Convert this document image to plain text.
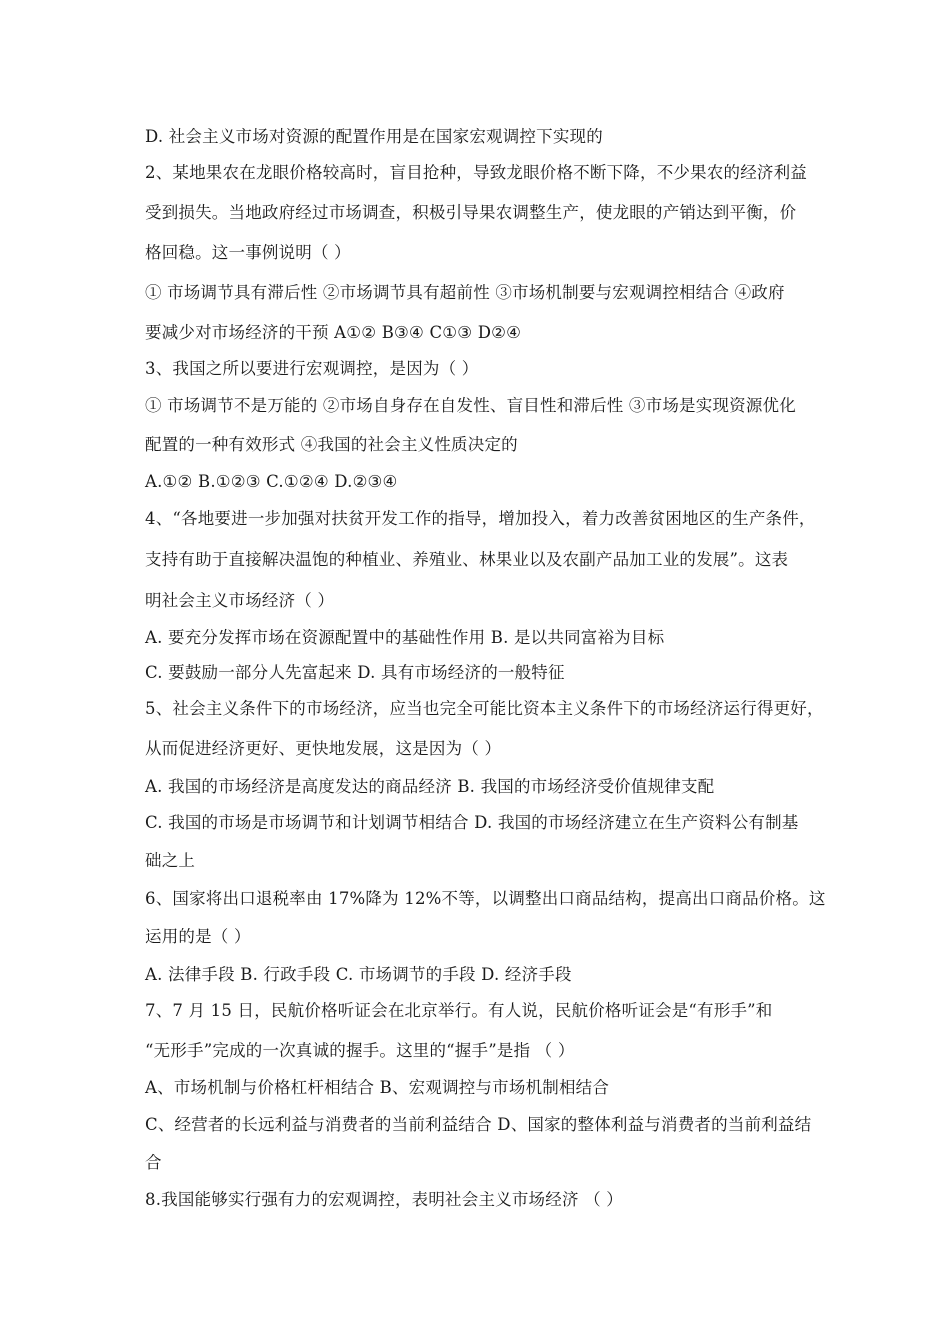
D. 社会主义市场对资源的配置作用是在国家宏观调控下实现的
2、某地果农在龙眼价格较高时，盲目抢种，导致龙眼价格不断下降，不少果农的经济利益
受到损失。当地政府经过市场调查，积极引导果农调整生产，使龙眼的产销达到平衡，价
格回稳。这一事例说明（ ）
① 市场调节具有滞后性 ②市场调节具有超前性 ③市场机制要与宏观调控相结合 ④政府
要减少对市场经济的干预 A①② B③④ C①③ D②④
3、我国之所以要进行宏观调控，是因为（ ）
① 市场调节不是万能的 ②市场自身存在自发性、盲目性和滞后性 ③市场是实现资源优化
配置的一种有效形式 ④我国的社会主义性质决定的
A.①② B.①②③ C.①②④ D.②③④
4、“各地要进一步加强对扶贫开发工作的指导，增加投入，着力改善贫困地区的生产条件，
支持有助于直接解决温饱的种植业、养殖业、林果业以及农副产品加工业的发展”。这表
明社会主义市场经济（ ）
A. 要充分发挥市场在资源配置中的基础性作用 B. 是以共同富裕为目标
C. 要鼓励一部分人先富起来 D. 具有市场经济的一般特征
5、社会主义条件下的市场经济，应当也完全可能比资本主义条件下的市场经济运行得更好，
从而促进经济更好、更快地发展，这是因为（ ）
A. 我国的市场经济是高度发达的商品经济 B. 我国的市场经济受价值规律支配
C. 我国的市场是市场调节和计划调节相结合 D. 我国的市场经济建立在生产资料公有制基
础之上
6、国家将出口退税率由 17%降为 12%不等，以调整出口商品结构，提高出口商品价格。这
运用的是（ ）
A. 法律手段 B. 行政手段 C. 市场调节的手段 D. 经济手段
7、7 月 15 日，民航价格听证会在北京举行。有人说，民航价格听证会是“有形手”和
“无形手”完成的一次真诚的握手。这里的“握手”是指 （ ）
A、市场机制与价格杠杆相结合 B、宏观调控与市场机制相结合
C、经营者的长远利益与消费者的当前利益结合 D、国家的整体利益与消费者的当前利益结
合
8.我国能够实行强有力的宏观调控，表明社会主义市场经济 （ ）
